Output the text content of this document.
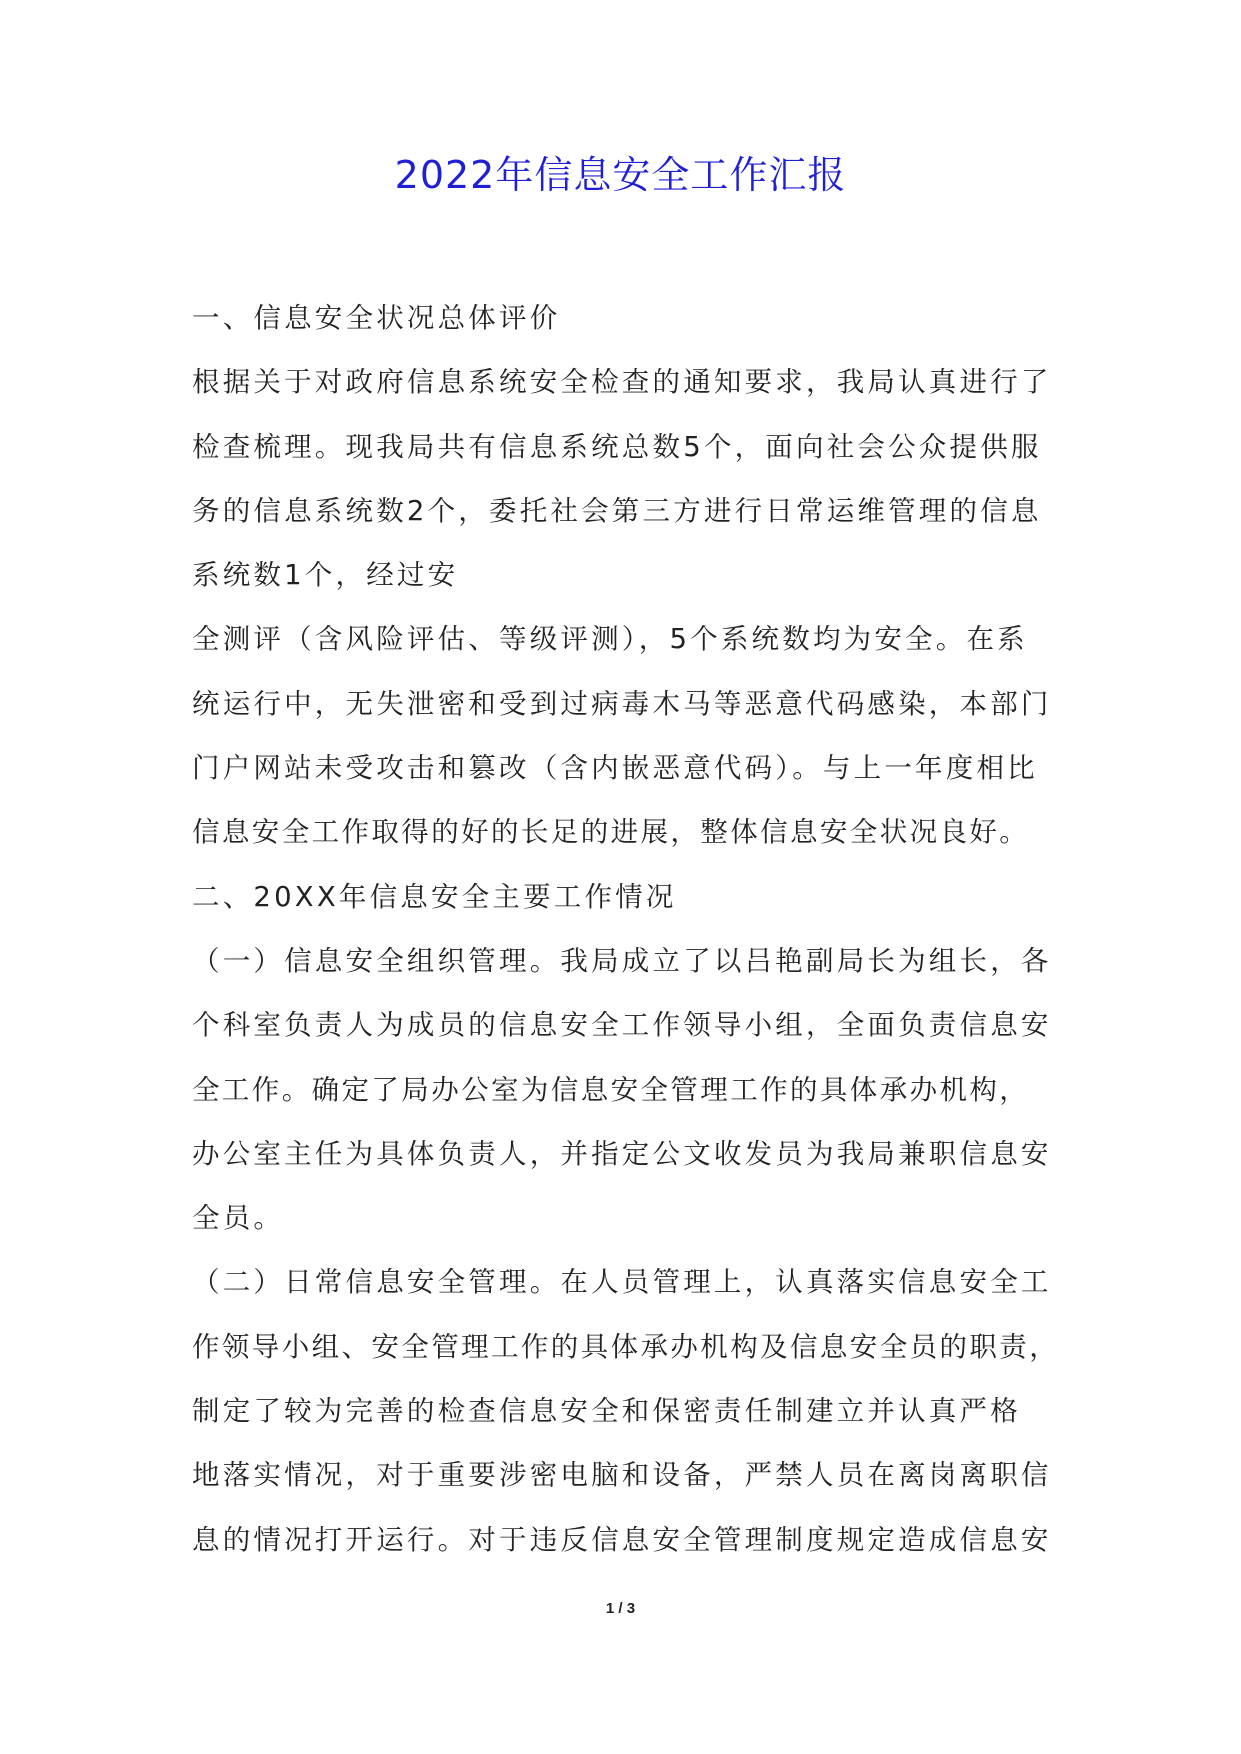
2022年信息安全工作汇报
一、信息安全状况总体评价
根据关于对政府信息系统安全检查的通知要求，我局认真进行了
检查梳理。现我局共有信息系统总数5个，面向社会公众提供服
务的信息系统数2个，委托社会第三方进行日常运维管理的信息
系统数1个，经过安
全测评（含风险评估、等级评测），5个系统数均为安全。在系
统运行中，无失泄密和受到过病毒木马等恶意代码感染，本部门
门户网站未受攻击和篡改（含内嵌恶意代码）。与上一年度相比
信息安全工作取得的好的长足的进展，整体信息安全状况良好。
二、20XX年信息安全主要工作情况
（一）信息安全组织管理。我局成立了以吕艳副局长为组长，各
个科室负责人为成员的信息安全工作领导小组，全面负责信息安
全工作。确定了局办公室为信息安全管理工作的具体承办机构，
办公室主任为具体负责人，并指定公文收发员为我局兼职信息安
全员。
（二）日常信息安全管理。在人员管理上，认真落实信息安全工
作领导小组、安全管理工作的具体承办机构及信息安全员的职责，
制定了较为完善的检查信息安全和保密责任制建立并认真严格
地落实情况，对于重要涉密电脑和设备，严禁人员在离岗离职信
息的情况打开运行。对于违反信息安全管理制度规定造成信息安
1 / 3
